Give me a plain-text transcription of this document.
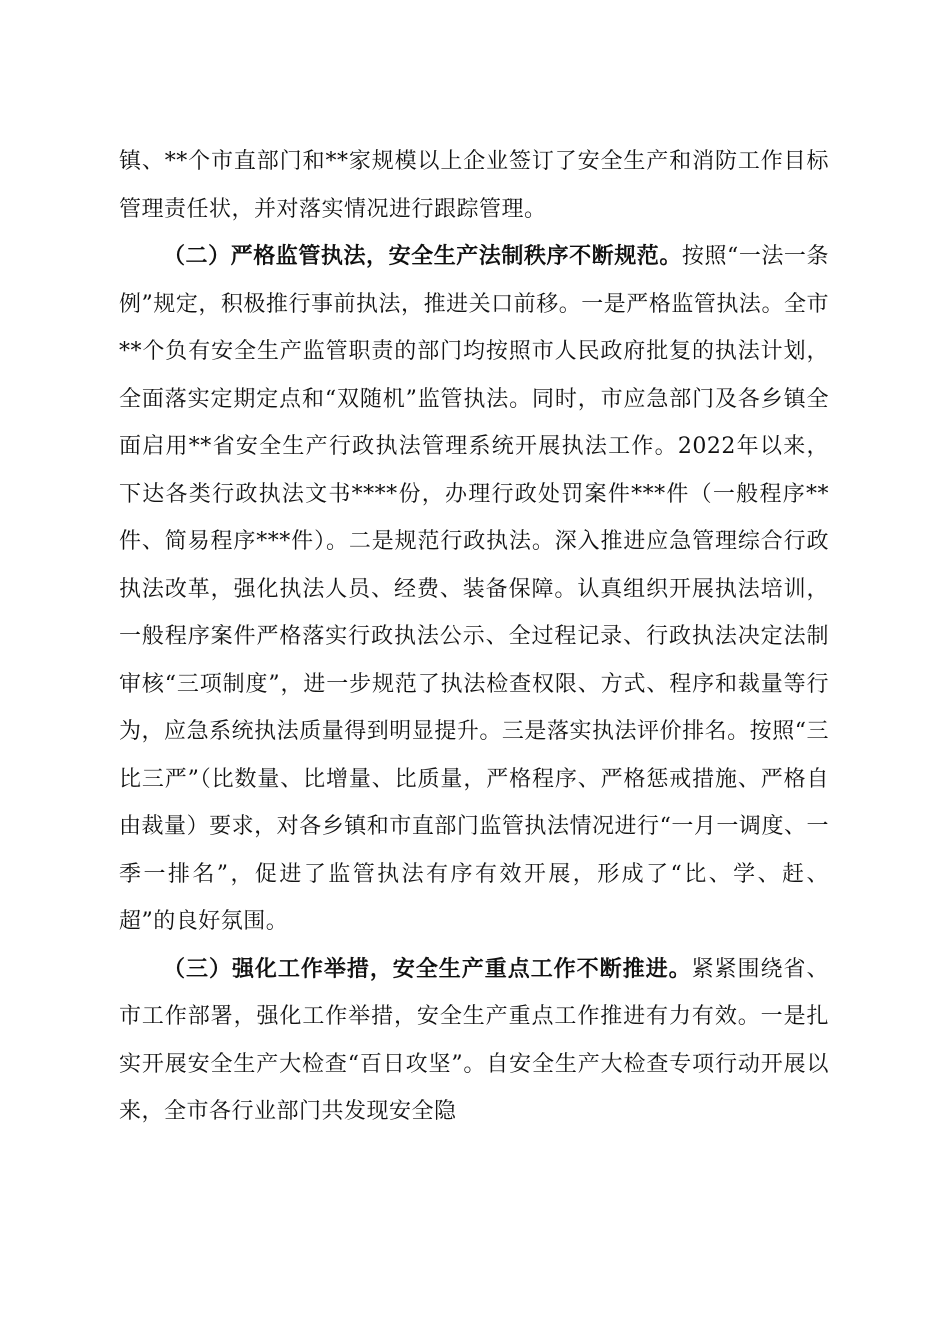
镇、**个市直部门和**家规模以上企业签订了安全生产和消防工作目标管理责任状，并对落实情况进行跟踪管理。

（二）严格监管执法，安全生产法制秩序不断规范。按照“一法一条例”规定，积极推行事前执法，推进关口前移。一是严格监管执法。全市**个负有安全生产监管职责的部门均按照市人民政府批复的执法计划，全面落实定期定点和“双随机”监管执法。同时，市应急部门及各乡镇全面启用**省安全生产行政执法管理系统开展执法工作。2022年以来，下达各类行政执法文书****份，办理行政处罚案件***件（一般程序**件、简易程序***件）。二是规范行政执法。深入推进应急管理综合行政执法改革，强化执法人员、经费、装备保障。认真组织开展执法培训，一般程序案件严格落实行政执法公示、全过程记录、行政执法决定法制审核“三项制度”，进一步规范了执法检查权限、方式、程序和裁量等行为，应急系统执法质量得到明显提升。三是落实执法评价排名。按照“三比三严”（比数量、比增量、比质量，严格程序、严格惩戒措施、严格自由裁量）要求，对各乡镇和市直部门监管执法情况进行“一月一调度、一季一排名”，促进了监管执法有序有效开展，形成了“比、学、赶、超”的良好氛围。

（三）强化工作举措，安全生产重点工作不断推进。紧紧围绕省、市工作部署，强化工作举措，安全生产重点工作推进有力有效。一是扎实开展安全生产大检查“百日攻坚”。自安全生产大检查专项行动开展以来，全市各行业部门共发现安全隐
